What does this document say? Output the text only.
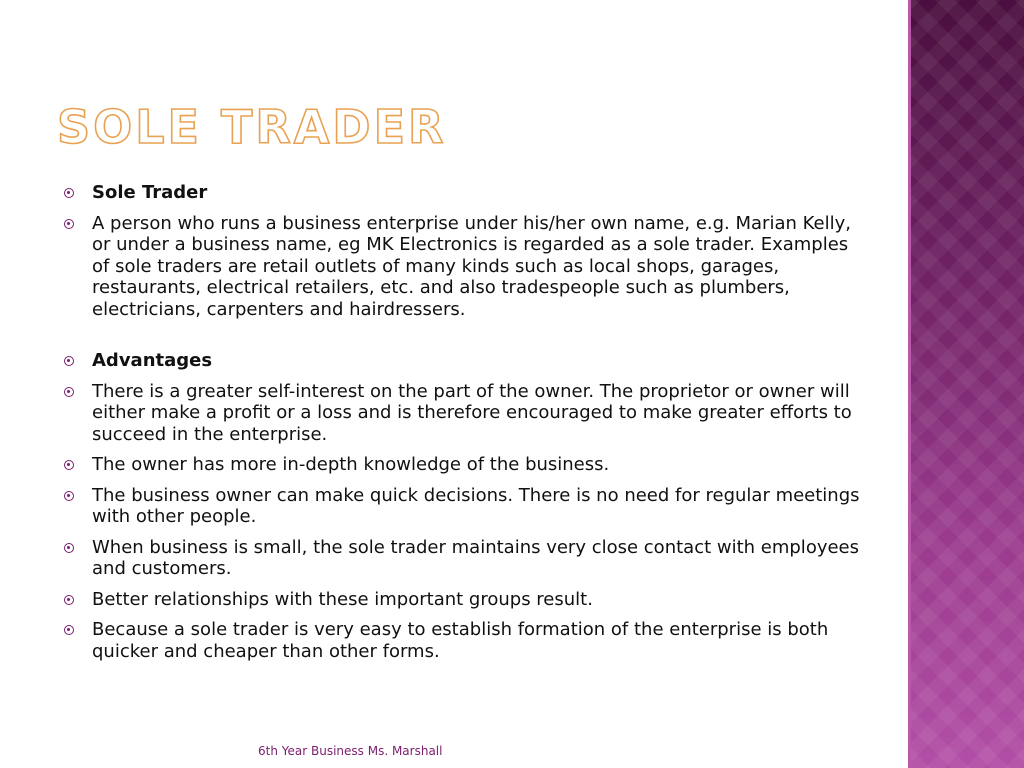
SOLE TRADER
Sole Trader
A person who runs a business enterprise under his/her own name, e.g. Marian Kelly, or under a business name, eg MK Electronics is regarded as a sole trader. Examples of sole traders are retail outlets of many kinds such as local shops, garages, restaurants, electrical retailers, etc. and also tradespeople such as plumbers, electricians, carpenters and hairdressers.
Advantages
There is a greater self-interest on the part of the owner. The proprietor or owner will either make a profit or a loss and is therefore encouraged to make greater efforts to succeed in the enterprise.
The owner has more in-depth knowledge of the business.
The business owner can make quick decisions. There is no need for regular meetings with other people.
When business is small, the sole trader maintains very close contact with employees and customers.
Better relationships with these important groups result.
Because a sole trader is very easy to establish formation of the enterprise is both quicker and cheaper than other forms.
6th Year Business Ms. Marshall
